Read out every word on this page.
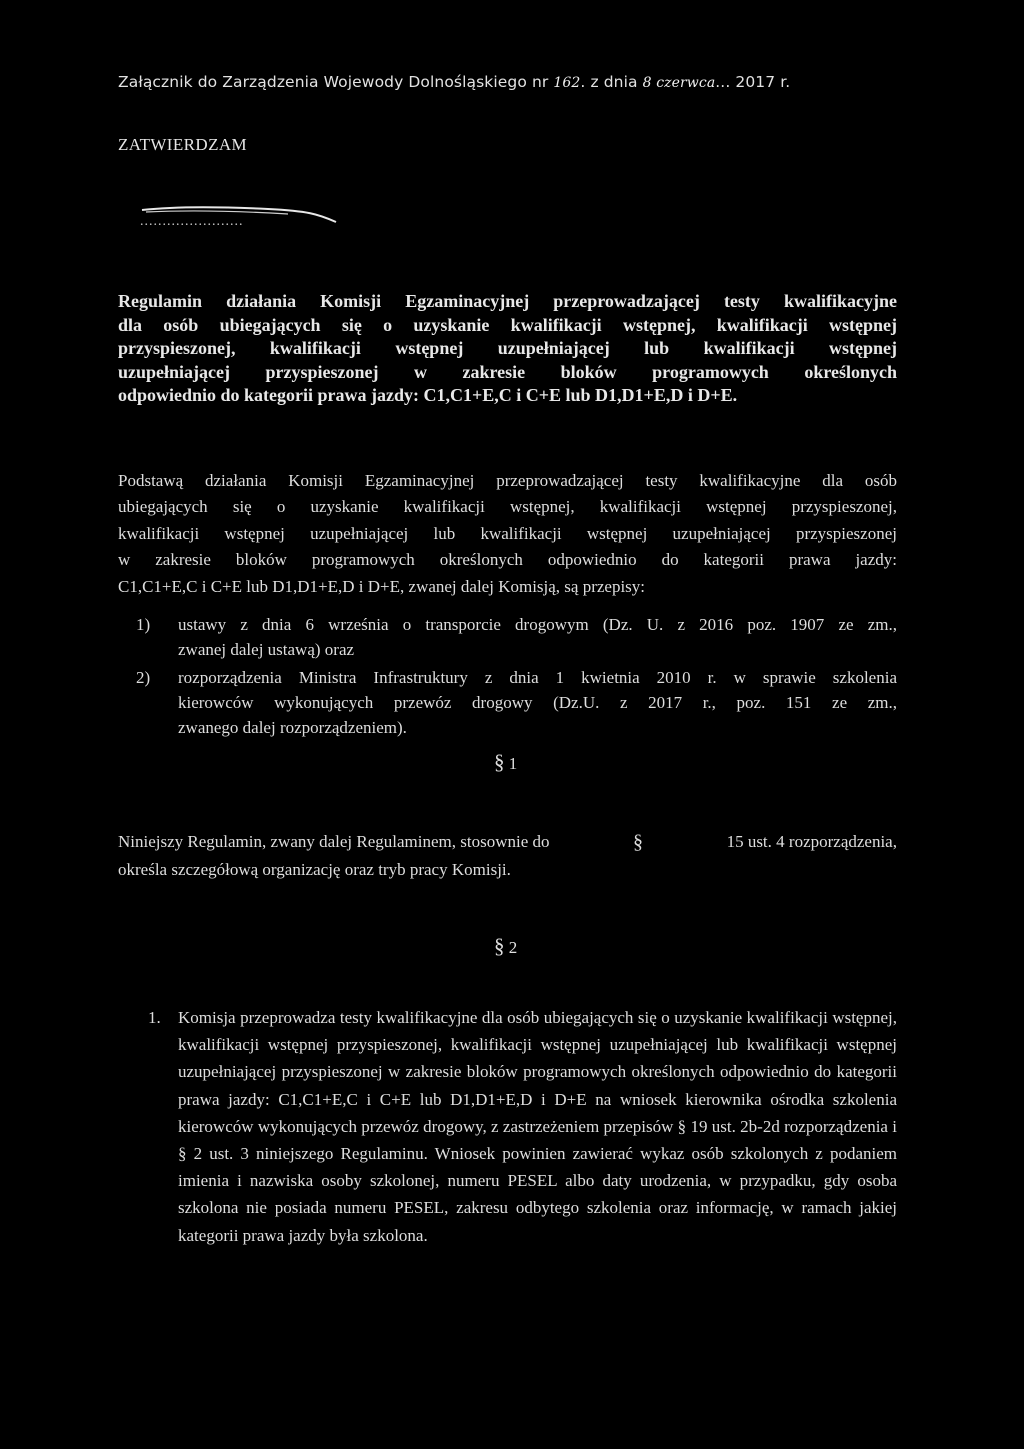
Załącznik do Zarządzenia Wojewody Dolnośląskiego nr 162. z dnia 8 czerwca... 2017 r.
ZATWIERDZAM
.......................
Regulamin działania Komisji Egzaminacyjnej przeprowadzającej testy kwalifikacyjne
dla osób ubiegających się o uzyskanie kwalifikacji wstępnej, kwalifikacji wstępnej
przyspieszonej, kwalifikacji wstępnej uzupełniającej lub kwalifikacji wstępnej
uzupełniającej przyspieszonej w zakresie bloków programowych określonych
odpowiednio do kategorii prawa jazdy: C1,C1+E,C i C+E lub D1,D1+E,D i D+E.
Podstawą działania Komisji Egzaminacyjnej przeprowadzającej testy kwalifikacyjne dla osób
ubiegających się o uzyskanie kwalifikacji wstępnej, kwalifikacji wstępnej przyspieszonej,
kwalifikacji wstępnej uzupełniającej lub kwalifikacji wstępnej uzupełniającej przyspieszonej
w zakresie bloków programowych określonych odpowiednio do kategorii prawa jazdy:
C1,C1+E,C i C+E lub D1,D1+E,D i D+E, zwanej dalej Komisją, są przepisy:
1) ustawy z dnia 6 września o transporcie drogowym (Dz. U. z 2016 poz. 1907 ze zm.,
zwanej dalej ustawą) oraz
2) rozporządzenia Ministra Infrastruktury z dnia 1 kwietnia 2010 r. w sprawie szkolenia
kierowców wykonujących przewóz drogowy (Dz.U. z 2017 r., poz. 151 ze zm.,
zwanego dalej rozporządzeniem).
§ 1
Niniejszy Regulamin, zwany dalej Regulaminem, stosownie do	§	15 ust. 4 rozporządzenia,
określa szczegółową organizację oraz tryb pracy Komisji.
§ 2
1. Komisja przeprowadza testy kwalifikacyjne dla osób ubiegających się o uzyskanie kwalifikacji wstępnej, kwalifikacji wstępnej przyspieszonej, kwalifikacji wstępnej uzupełniającej lub kwalifikacji wstępnej uzupełniającej przyspieszonej w zakresie bloków programowych określonych odpowiednio do kategorii prawa jazdy: C1,C1+E,C i C+E lub D1,D1+E,D i D+E na wniosek kierownika ośrodka szkolenia kierowców wykonujących przewóz drogowy, z zastrzeżeniem przepisów § 19 ust. 2b-2d rozporządzenia i § 2 ust. 3 niniejszego Regulaminu. Wniosek powinien zawierać wykaz osób szkolonych z podaniem imienia i nazwiska osoby szkolonej, numeru PESEL albo daty urodzenia, w przypadku, gdy osoba szkolona nie posiada numeru PESEL, zakresu odbytego szkolenia oraz informację, w ramach jakiej kategorii prawa jazdy była szkolona.
